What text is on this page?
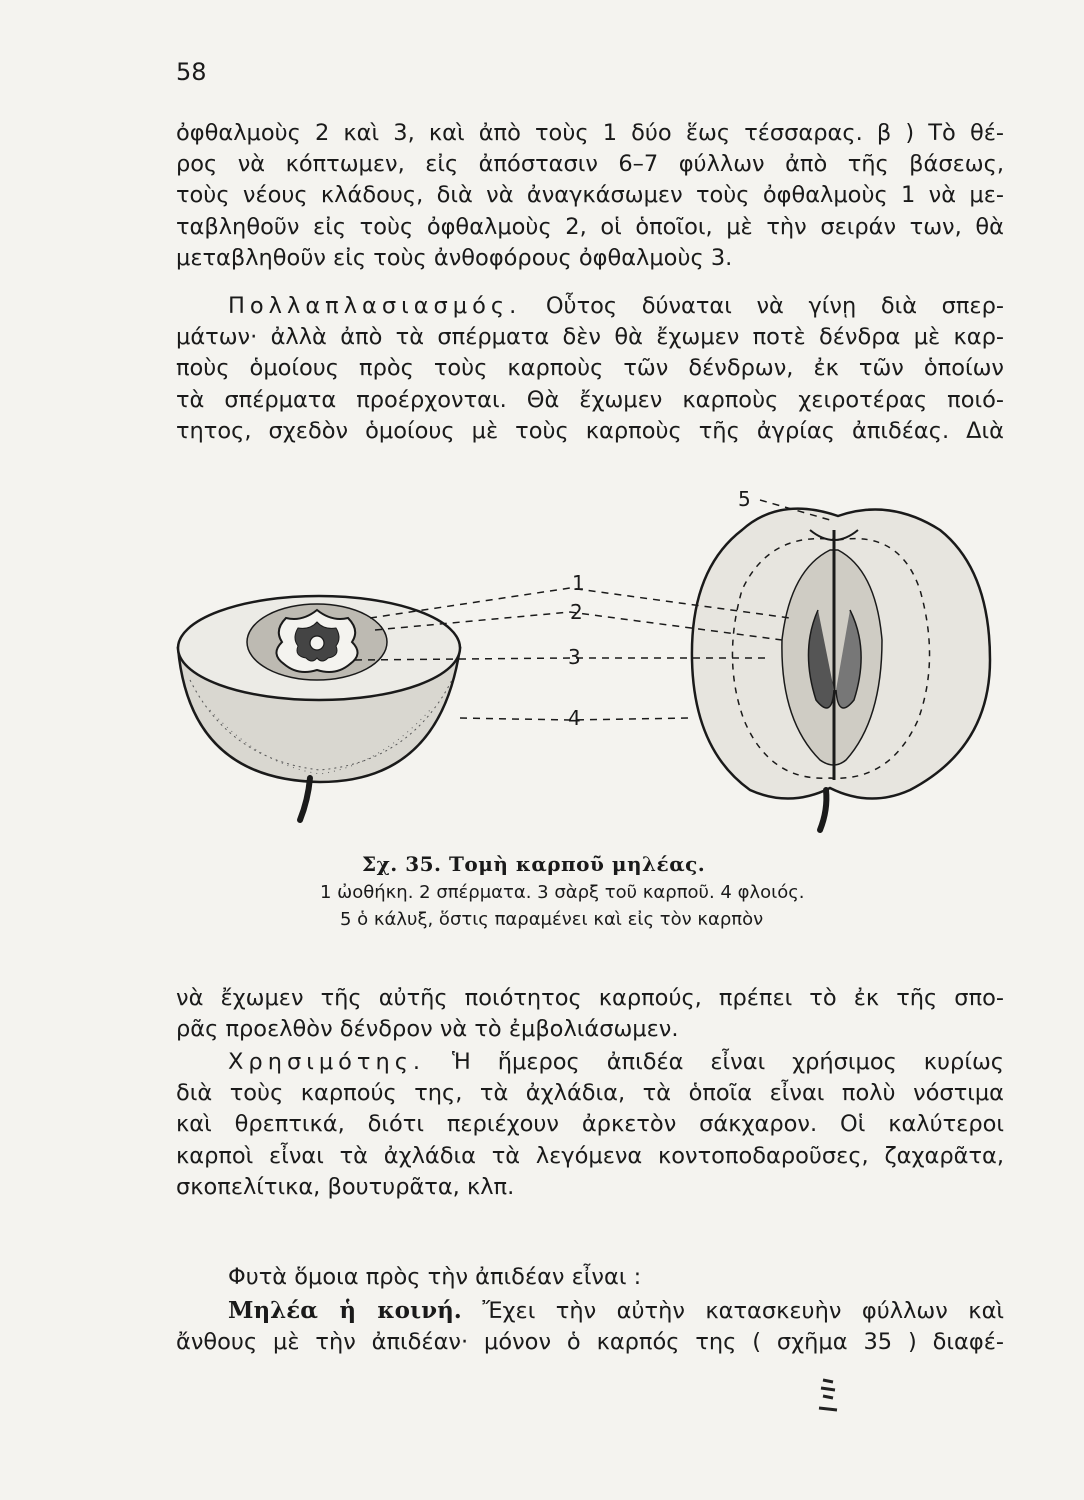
58

ὀφθαλμοὺς 2 καὶ 3, καὶ ἀπὸ τοὺς 1 δύο ἕως τέσσαρας. β ) Τὸ θέ-
ρος νὰ κόπτωμεν, εἰς ἀπόστασιν 6–7 φύλλων ἀπὸ τῆς βάσεως,
τοὺς νέους κλάδους, διὰ νὰ ἀναγκάσωμεν τοὺς ὀφθαλμοὺς 1 νὰ με-
ταβληθοῦν εἰς τοὺς ὀφθαλμοὺς 2, οἱ ὁποῖοι, μὲ τὴν σειράν των, θὰ
μεταβληθοῦν εἰς τοὺς ἀνθοφόρους ὀφθαλμοὺς 3.

Πολλαπλασιασμός. Οὗτος δύναται νὰ γίνῃ διὰ σπερ-
μάτων· ἀλλὰ ἀπὸ τὰ σπέρματα δὲν θὰ ἔχωμεν ποτὲ δένδρα μὲ καρ-
ποὺς ὁμοίους πρὸς τοὺς καρποὺς τῶν δένδρων, ἐκ τῶν ὁποίων
τὰ σπέρματα προέρχονται. Θὰ ἔχωμεν καρποὺς χειροτέρας ποιό-
τητος, σχεδὸν ὁμοίους μὲ τοὺς καρποὺς τῆς ἀγρίας ἀπιδέας. Διὰ

1
2
3
4
5
Σχ. 35. Τομὴ καρποῦ μηλέας.
1 ὠοθήκη. 2 σπέρματα. 3 σὰρξ τοῦ καρποῦ. 4 φλοιός.
5 ὁ κάλυξ, ὅστις παραμένει καὶ εἰς τὸν καρπὸν

νὰ ἔχωμεν τῆς αὐτῆς ποιότητος καρπούς, πρέπει τὸ ἐκ τῆς σπο-
ρᾶς προελθὸν δένδρον νὰ τὸ ἐμβολιάσωμεν.

Χρησιμότης. Ἡ ἥμερος ἀπιδέα εἶναι χρήσιμος κυρίως
διὰ τοὺς καρπούς της, τὰ ἀχλάδια, τὰ ὁποῖα εἶναι πολὺ νόστιμα
καὶ θρεπτικά, διότι περιέχουν ἀρκετὸν σάκχαρον. Οἱ καλύτεροι
καρποὶ εἶναι τὰ ἀχλάδια τὰ λεγόμενα κοντοποδαροῦσες, ζαχαρᾶτα,
σκοπελίτικα, βουτυρᾶτα, κλπ.

Φυτὰ ὅμοια πρὸς τὴν ἀπιδέαν εἶναι :

Μηλέα ἡ κοινή. Ἔχει τὴν αὐτὴν κατασκευὴν φύλλων καὶ
ἄνθους μὲ τὴν ἀπιδέαν· μόνον ὁ καρπός της ( σχῆμα 35 ) διαφέ-
